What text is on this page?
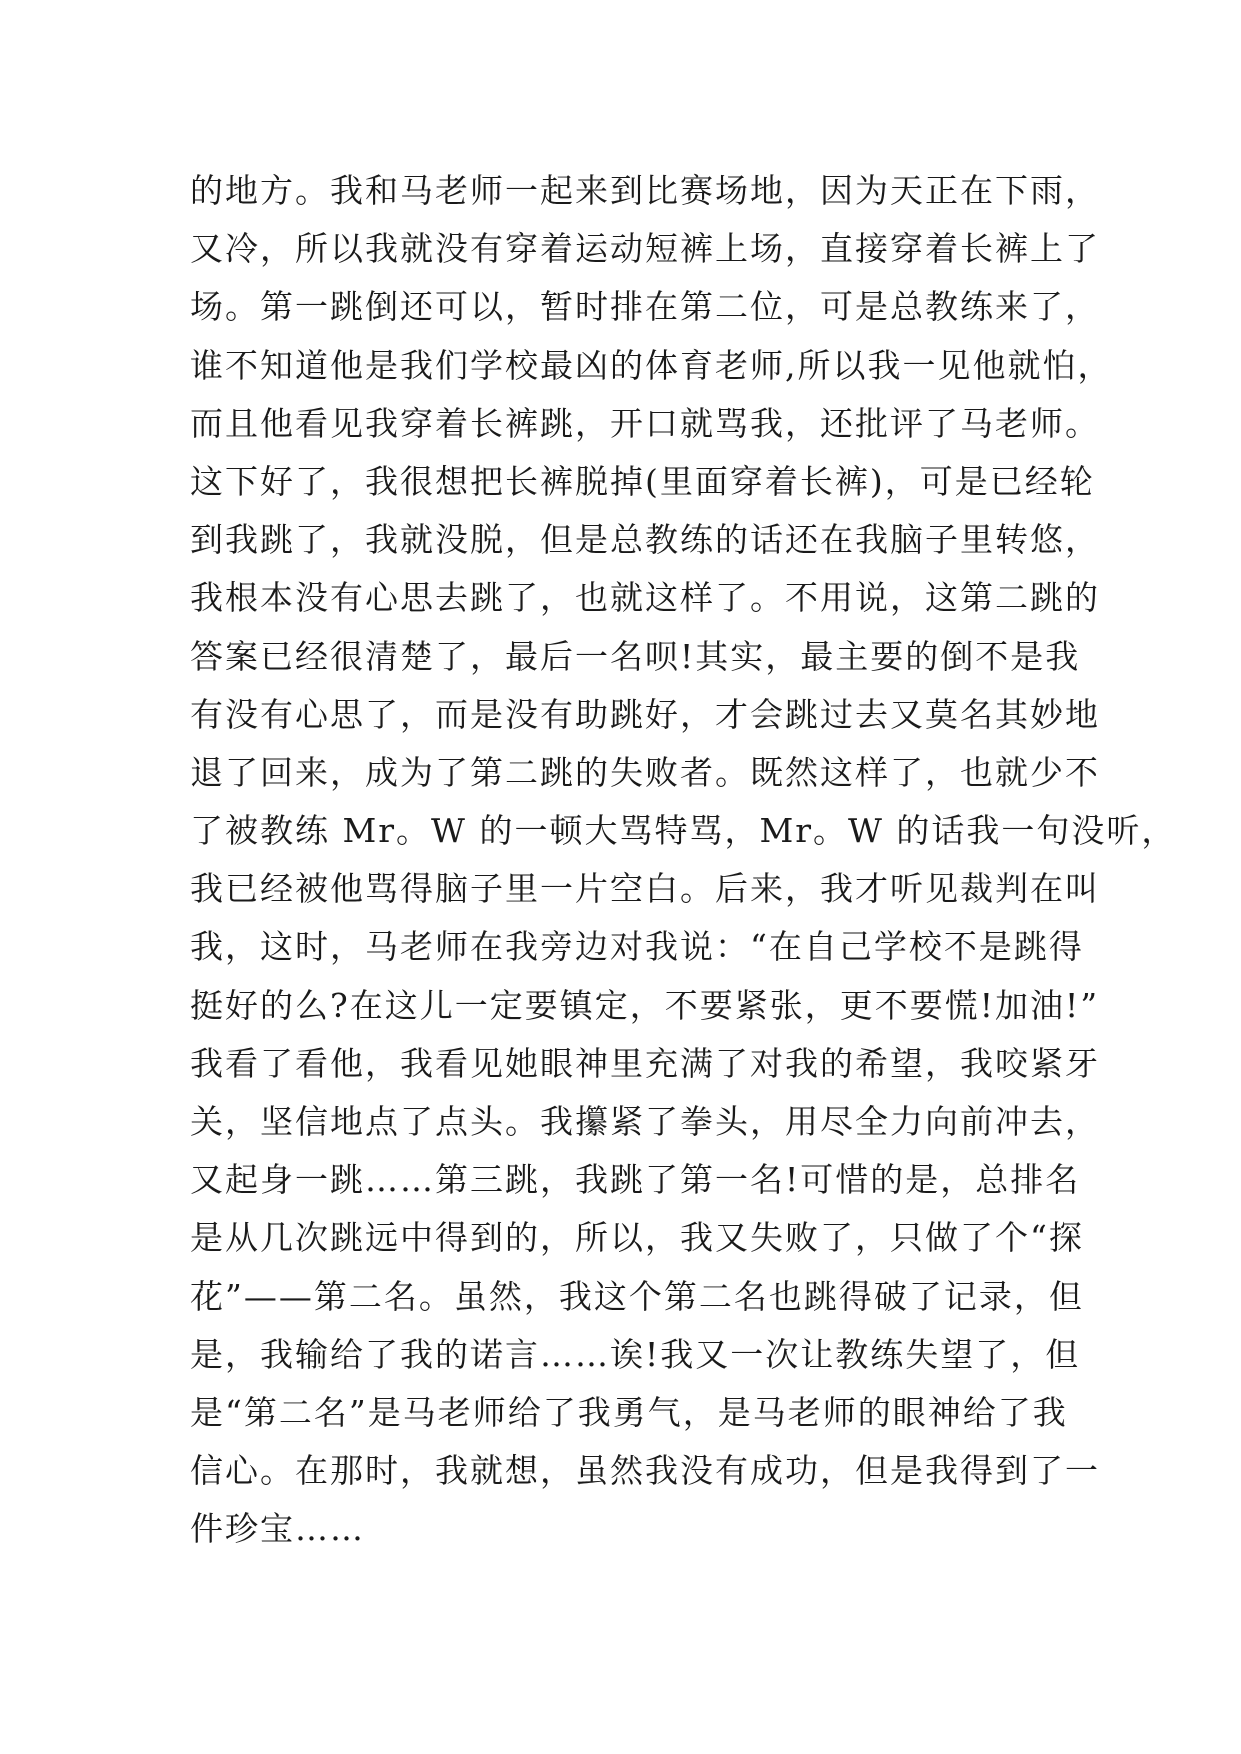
的地方。我和马老师一起来到比赛场地，因为天正在下雨，
又冷，所以我就没有穿着运动短裤上场，直接穿着长裤上了
场。第一跳倒还可以，暂时排在第二位，可是总教练来了，
谁不知道他是我们学校最凶的体育老师,所以我一见他就怕，
而且他看见我穿着长裤跳，开口就骂我，还批评了马老师。
这下好了，我很想把长裤脱掉(里面穿着长裤)，可是已经轮
到我跳了，我就没脱，但是总教练的话还在我脑子里转悠，
我根本没有心思去跳了，也就这样了。不用说，这第二跳的
答案已经很清楚了，最后一名呗!其实，最主要的倒不是我
有没有心思了，而是没有助跳好，才会跳过去又莫名其妙地
退了回来，成为了第二跳的失败者。既然这样了，也就少不
了被教练 Mr。W 的一顿大骂特骂，Mr。W 的话我一句没听，
我已经被他骂得脑子里一片空白。后来，我才听见裁判在叫
我，这时，马老师在我旁边对我说：“在自己学校不是跳得
挺好的么?在这儿一定要镇定，不要紧张，更不要慌!加油!”
我看了看他，我看见她眼神里充满了对我的希望，我咬紧牙
关，坚信地点了点头。我攥紧了拳头，用尽全力向前冲去，
又起身一跳……第三跳，我跳了第一名!可惜的是，总排名
是从几次跳远中得到的，所以，我又失败了，只做了个“探
花”——第二名。虽然，我这个第二名也跳得破了记录，但
是，我输给了我的诺言……诶!我又一次让教练失望了，但
是“第二名”是马老师给了我勇气，是马老师的眼神给了我
信心。在那时，我就想，虽然我没有成功，但是我得到了一
件珍宝……
